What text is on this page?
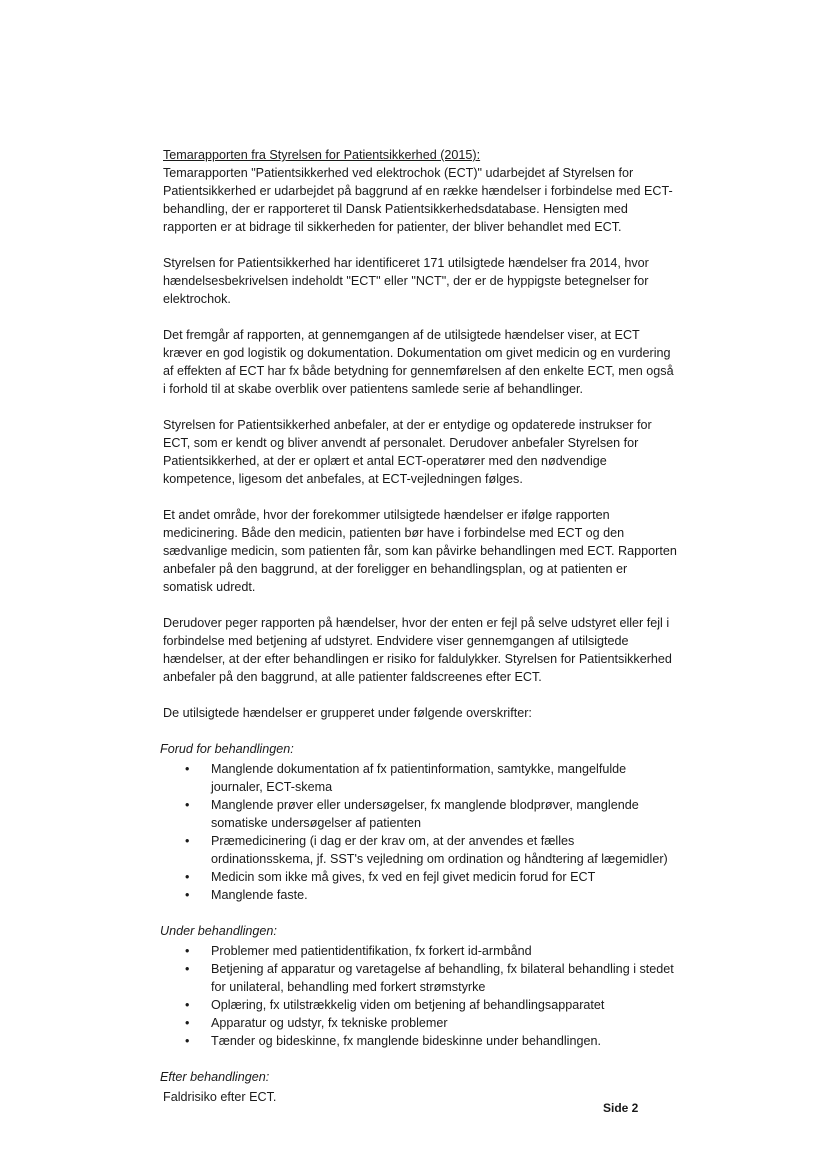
Temarapporten fra Styrelsen for Patientsikkerhed (2015):

Temarapporten "Patientsikkerhed ved elektrochok (ECT)" udarbejdet af Styrelsen for Patientsikkerhed er udarbejdet på baggrund af en række hændelser i forbindelse med ECT-behandling, der er rapporteret til Dansk Patientsikkerhedsdatabase. Hensigten med rapporten er at bidrage til sikkerheden for patienter, der bliver behandlet med ECT.

Styrelsen for Patientsikkerhed har identificeret 171 utilsigtede hændelser fra 2014, hvor hændelsesbekrivelsen indeholdt "ECT" eller "NCT", der er de hyppigste betegnelser for elektrochok.

Det fremgår af rapporten, at gennemgangen af de utilsigtede hændelser viser, at ECT kræver en god logistik og dokumentation. Dokumentation om givet medicin og en vurdering af effekten af ECT har fx både betydning for gennemførelsen af den enkelte ECT, men også i forhold til at skabe overblik over patientens samlede serie af behandlinger.

Styrelsen for Patientsikkerhed anbefaler, at der er entydige og opdaterede instrukser for ECT, som er kendt og bliver anvendt af personalet. Derudover anbefaler Styrelsen for Patientsikkerhed, at der er oplært et antal ECT-operatører med den nødvendige kompetence, ligesom det anbefales, at ECT-vejledningen følges.

Et andet område, hvor der forekommer utilsigtede hændelser er ifølge rapporten medicinering. Både den medicin, patienten bør have i forbindelse med ECT og den sædvanlige medicin, som patienten får, som kan påvirke behandlingen med ECT. Rapporten anbefaler på den baggrund, at der foreligger en behandlingsplan, og at patienten er somatisk udredt.

Derudover peger rapporten på hændelser, hvor der enten er fejl på selve udstyret eller fejl i forbindelse med betjening af udstyret. Endvidere viser gennemgangen af utilsigtede hændelser, at der efter behandlingen er risiko for faldulykker. Styrelsen for Patientsikkerhed anbefaler på den baggrund, at alle patienter faldscreenes efter ECT.

De utilsigtede hændelser er grupperet under følgende overskrifter:

Forud for behandlingen:
• Manglende dokumentation af fx patientinformation, samtykke, mangelfulde journaler, ECT-skema
• Manglende prøver eller undersøgelser, fx manglende blodprøver, manglende somatiske undersøgelser af patienten
• Præmedicinering (i dag er der krav om, at der anvendes et fælles ordinationsskema, jf. SST's vejledning om ordination og håndtering af lægemidler)
• Medicin som ikke må gives, fx ved en fejl givet medicin forud for ECT
• Manglende faste.
Under behandlingen:
• Problemer med patientidentifikation, fx forkert id-armbånd
• Betjening af apparatur og varetagelse af behandling, fx bilateral behandling i stedet for unilateral, behandling med forkert strømstyrke
• Oplæring, fx utilstrækkelig viden om betjening af behandlingsapparatet
• Apparatur og udstyr, fx tekniske problemer
• Tænder og bideskinne, fx manglende bideskinne under behandlingen.
Efter behandlingen:
Faldrisiko efter ECT.
Side 2
